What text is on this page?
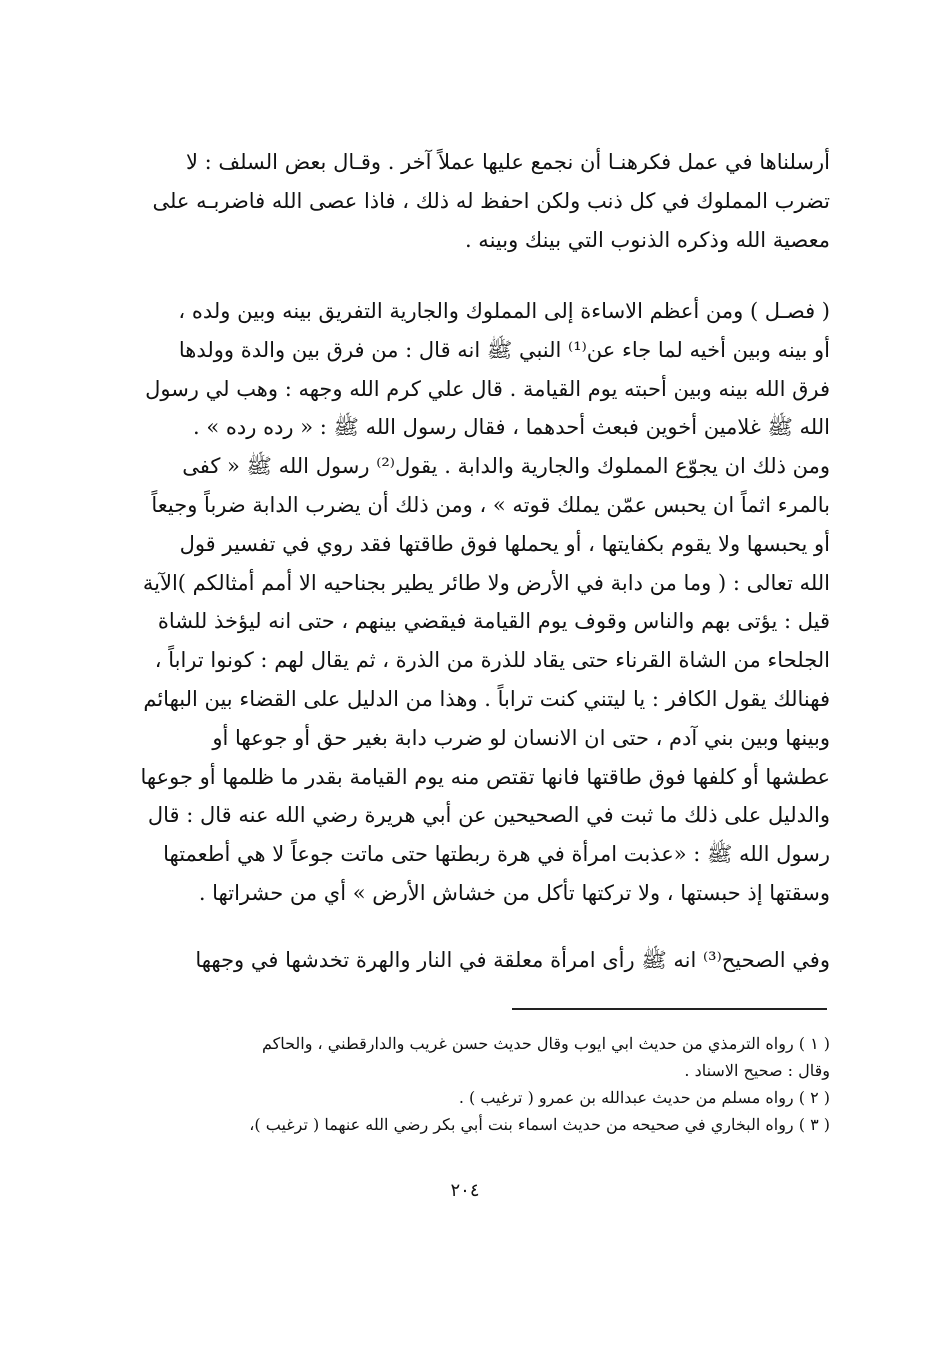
أرسلناها في عمل فكرهنـا أن نجمع عليها عملاً آخر . وقـال بعض السلف : لا
تضرب المملوك في كل ذنب ولكن احفظ له ذلك ، فاذا عصى الله فاضربـه على
معصية الله وذكره الذنوب التي بينك وبينه .
( فصـل ) ومن أعظم الاساءة إلى المملوك والجارية التفريق بينه وبين ولده ،
أو بينه وبين أخيه لما جاء عن⁽¹⁾ النبي ﷺ انه قال : من فرق بين والدة وولدها
فرق الله بينه وبين أحبته يوم القيامة . قال علي كرم الله وجهه : وهب لي رسول
الله ﷺ غلامين أخوين فبعث أحدهما ، فقال رسول الله ﷺ : « رده رده » .
ومن ذلك ان يجوّع المملوك والجارية والدابة . يقول⁽²⁾ رسول الله ﷺ « كفى
بالمرء اثماً ان يحبس عمّن يملك قوته » ، ومن ذلك أن يضرب الدابة ضرباً وجيعاً
أو يحبسها ولا يقوم بكفايتها ، أو يحملها فوق طاقتها فقد روي في تفسير قول
الله تعالى : ( وما من دابة في الأرض ولا طائر يطير بجناحيه الا أمم أمثالكم )الآية
قيل : يؤتى بهم والناس وقوف يوم القيامة فيقضي بينهم ، حتى انه ليؤخذ للشاة
الجلحاء من الشاة القرناء حتى يقاد للذرة من الذرة ، ثم يقال لهم : كونوا تراباً ،
فهنالك يقول الكافر : يا ليتني كنت تراباً . وهذا من الدليل على القضاء بين البهائم
وبينها وبين بني آدم ، حتى ان الانسان لو ضرب دابة بغير حق أو جوعها أو
عطشها أو كلفها فوق طاقتها فانها تقتص منه يوم القيامة بقدر ما ظلمها أو جوعها
والدليل على ذلك ما ثبت في الصحيحين عن أبي هريرة رضي الله عنه قال : قال
رسول الله ﷺ : «عذبت امرأة في هرة ربطتها حتى ماتت جوعاً لا هي أطعمتها
وسقتها إذ حبستها ، ولا تركتها تأكل من خشاش الأرض » أي من حشراتها .
وفي الصحيح⁽³⁾ انه ﷺ رأى امرأة معلقة في النار والهرة تخدشها في وجهها
( ١ ) رواه الترمذي من حديث ابي ايوب وقال حديث حسن غريب والدارقطني ، والحاكم
وقال : صحيح الاسناد .
( ٢ ) رواه مسلم من حديث عبدالله بن عمرو ( ترغيب ) .
( ٣ ) رواه البخاري في صحيحه من حديث اسماء بنت أبي بكر رضي الله عنهما ( ترغيب )،
٢٠٤
